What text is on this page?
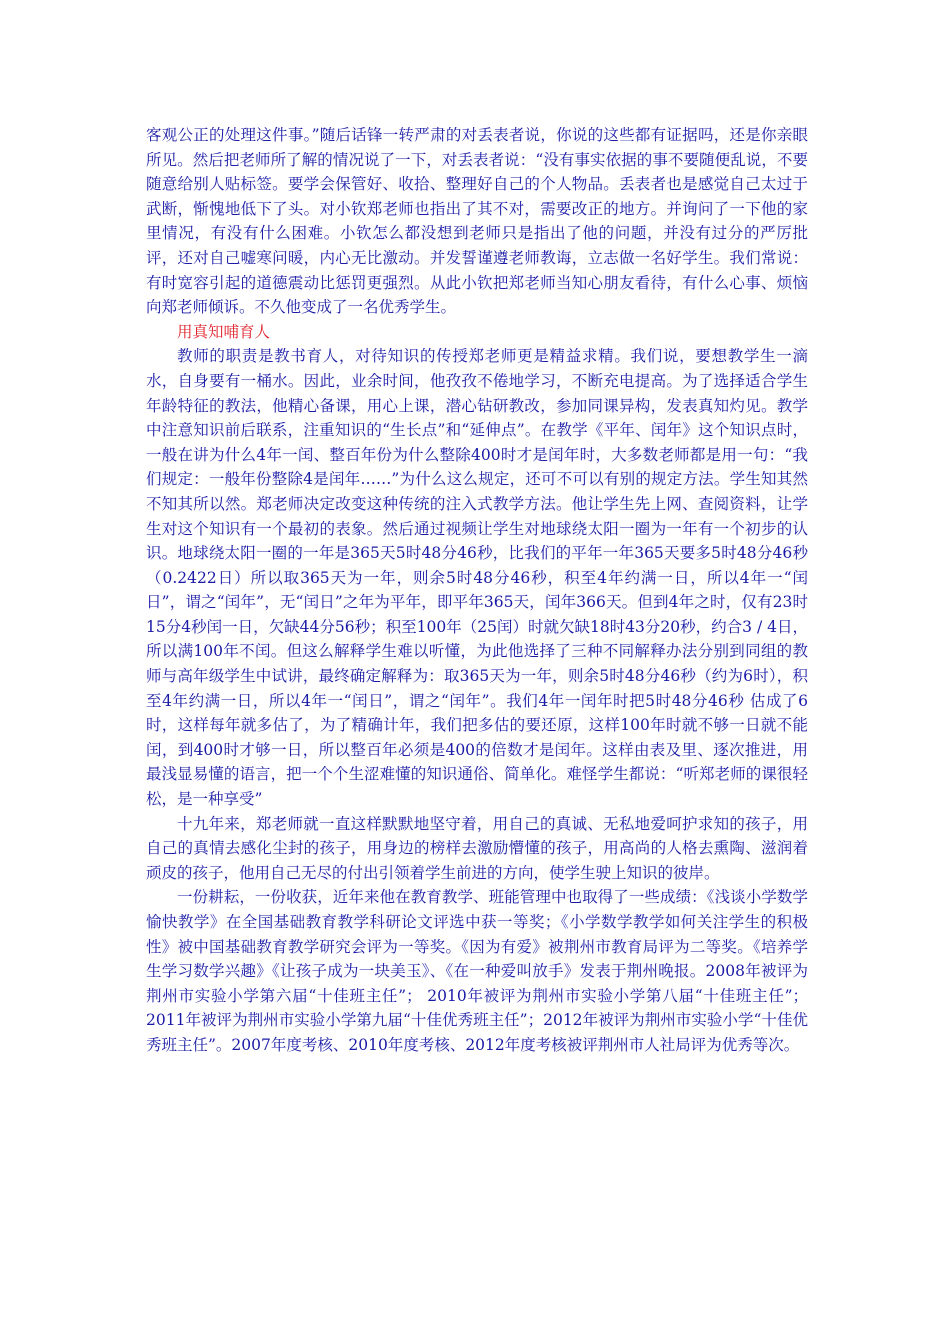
客观公正的处理这件事。”随后话锋一转严肃的对丢表者说，你说的这些都有证据吗，还是你亲眼所见。然后把老师所了解的情况说了一下，对丢表者说：“没有事实依据的事不要随便乱说，不要随意给别人贴标签。要学会保管好、收拾、整理好自己的个人物品。丢表者也是感觉自己太过于武断，惭愧地低下了头。对小钦郑老师也指出了其不对，需要改正的地方。并询问了一下他的家里情况，有没有什么困难。小钦怎么都没想到老师只是指出了他的问题，并没有过分的严厉批评，还对自己嘘寒问暖，内心无比激动。并发誓谨遵老师教诲，立志做一名好学生。我们常说：有时宽容引起的道德震动比惩罚更强烈。从此小钦把郑老师当知心朋友看待，有什么心事、烦恼向郑老师倾诉。不久他变成了一名优秀学生。

用真知哺育人

教师的职责是教书育人，对待知识的传授郑老师更是精益求精。我们说，要想教学生一滴水，自身要有一桶水。因此，业余时间，他孜孜不倦地学习，不断充电提高。为了选择适合学生年龄特征的教法，他精心备课，用心上课，潜心钻研教改，参加同课异构，发表真知灼见。教学中注意知识前后联系，注重知识的“生长点”和“延伸点”。在教学《平年、闰年》这个知识点时，一般在讲为什么4年一闰、整百年份为什么整除400时才是闰年时，大多数老师都是用一句：“我们规定：一般年份整除4是闰年……”为什么这么规定，还可不可以有别的规定方法。学生知其然不知其所以然。郑老师决定改变这种传统的注入式教学方法。他让学生先上网、查阅资料，让学生对这个知识有一个最初的表象。然后通过视频让学生对地球绕太阳一圈为一年有一个初步的认识。地球绕太阳一圈的一年是365天5时48分46秒，比我们的平年一年365天要多5时48分46秒（0.2422日）所以取365天为一年，则余5时48分46秒，积至4年约满一日，所以4年一“闰日”，谓之“闰年”，无“闰日”之年为平年，即平年365天，闰年366天。但到4年之时，仅有23时15分4秒闰一日，欠缺44分56秒；积至100年（25闰）时就欠缺18时43分20秒，约合3 / 4日，所以满100年不闰。但这么解释学生难以听懂，为此他选择了三种不同解释办法分别到同组的教师与高年级学生中试讲，最终确定解释为：取365天为一年，则余5时48分46秒（约为6时），积至4年约满一日，所以4年一“闰日”，谓之“闰年”。我们4年一闰年时把5时48分46秒 估成了6时，这样每年就多估了，为了精确计年，我们把多估的要还原，这样100年时就不够一日就不能闰，到400时才够一日，所以整百年必须是400的倍数才是闰年。这样由表及里、逐次推进，用最浅显易懂的语言，把一个个生涩难懂的知识通俗、简单化。难怪学生都说：“听郑老师的课很轻松，是一种享受”

十九年来，郑老师就一直这样默默地坚守着，用自己的真诚、无私地爱呵护求知的孩子，用自己的真情去感化尘封的孩子，用身边的榜样去激励懵懂的孩子，用高尚的人格去熏陶、滋润着顽皮的孩子，他用自己无尽的付出引领着学生前进的方向，使学生驶上知识的彼岸。

一份耕耘，一份收获，近年来他在教育教学、班能管理中也取得了一些成绩：《浅谈小学数学愉快教学》在全国基础教育教学科研论文评选中获一等奖；《小学数学教学如何关注学生的积极性》被中国基础教育教学研究会评为一等奖。《因为有爱》被荆州市教育局评为二等奖。《培养学生学习数学兴趣》《让孩子成为一块美玉》、《在一种爱叫放手》发表于荆州晚报。2008年被评为荆州市实验小学第六届“十佳班主任”； 2010年被评为荆州市实验小学第八届“十佳班主任”；2011年被评为荆州市实验小学第九届“十佳优秀班主任”；2012年被评为荆州市实验小学“十佳优秀班主任”。2007年度考核、2010年度考核、2012年度考核被评荆州市人社局评为优秀等次。
